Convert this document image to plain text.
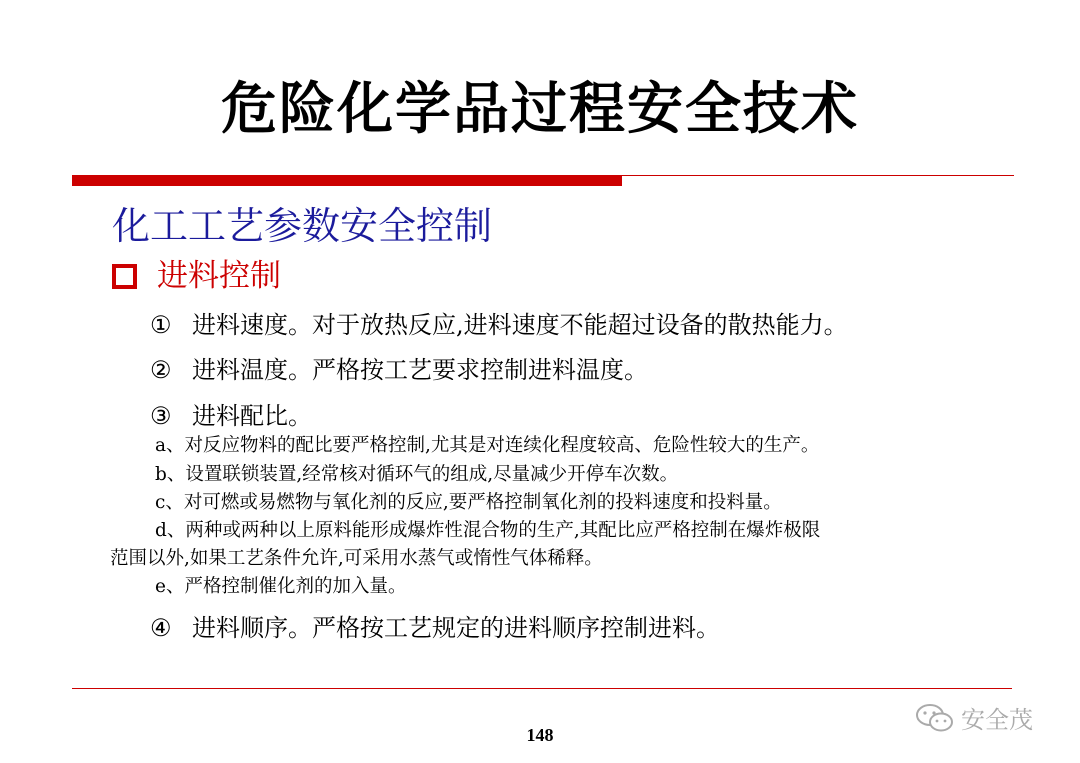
危险化学品过程安全技术
化工工艺参数安全控制
进料控制
① 进料速度。对于放热反应,进料速度不能超过设备的散热能力。
② 进料温度。严格按工艺要求控制进料温度。
③ 进料配比。
a、对反应物料的配比要严格控制,尤其是对连续化程度较高、危险性较大的生产。
b、设置联锁装置,经常核对循环气的组成,尽量减少开停车次数。
c、对可燃或易燃物与氧化剂的反应,要严格控制氧化剂的投料速度和投料量。
d、两种或两种以上原料能形成爆炸性混合物的生产,其配比应严格控制在爆炸极限
范围以外,如果工艺条件允许,可采用水蒸气或惰性气体稀释。
e、严格控制催化剂的加入量。
④ 进料顺序。严格按工艺规定的进料顺序控制进料。
148
安全茂
